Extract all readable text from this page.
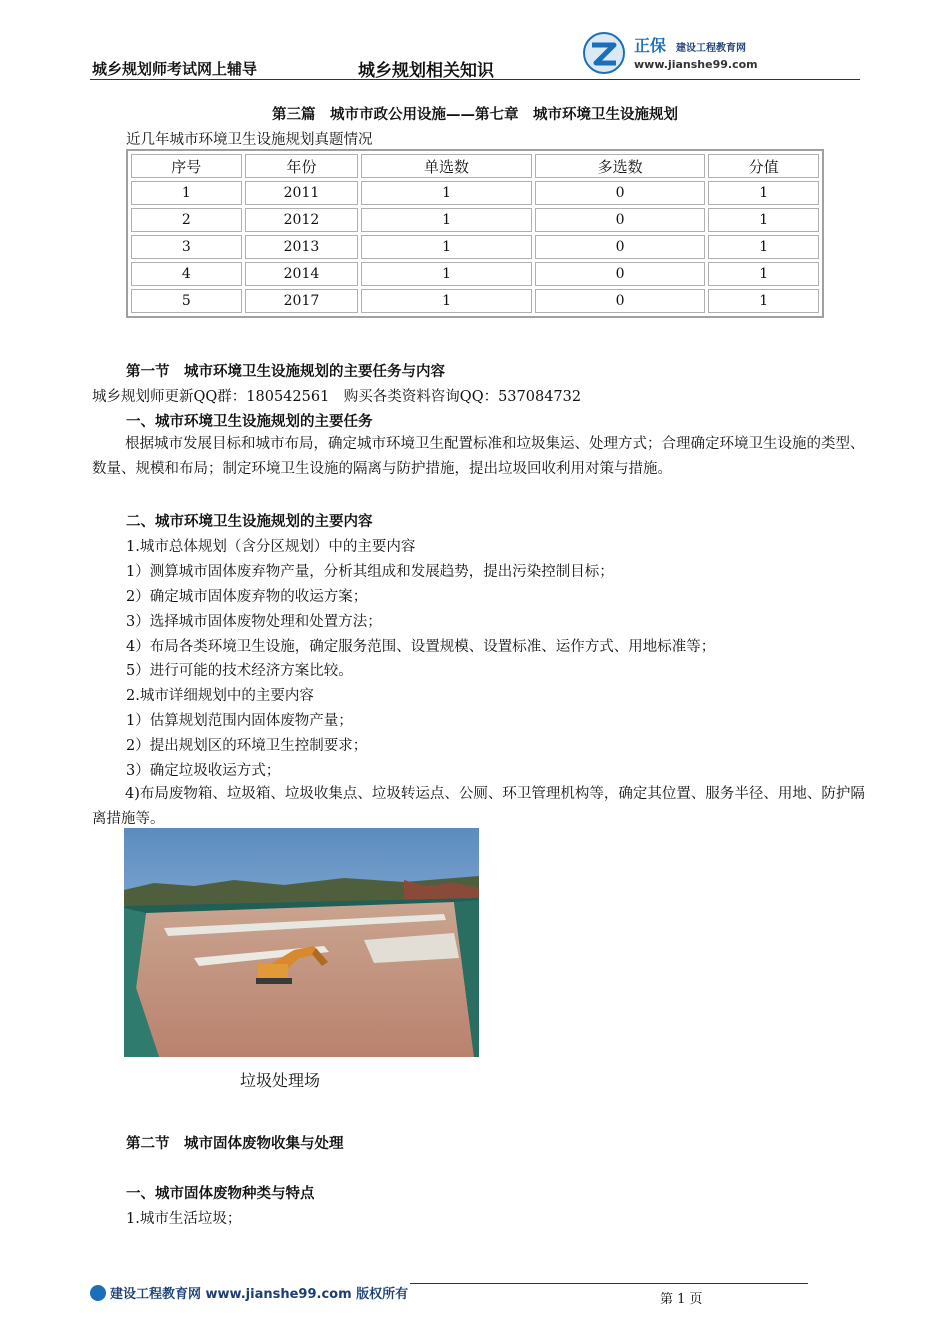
城乡规划师考试网上辅导	城乡规划相关知识
正保 建设工程教育网
www.jianshe99.com
第三篇　城市市政公用设施——第七章　城市环境卫生设施规划
近几年城市环境卫生设施规划真题情况
序号	年份	单选数	多选数	分值
1	2011	1	0	1
2	2012	1	0	1
3	2013	1	0	1
4	2014	1	0	1
5	2017	1	0	1
第一节　城市环境卫生设施规划的主要任务与内容
城乡规划师更新QQ群：180542561　购买各类资料咨询QQ：537084732
一、城市环境卫生设施规划的主要任务
根据城市发展目标和城市布局，确定城市环境卫生配置标准和垃圾集运、处理方式；合理确定环境卫生设施的类型、数量、规模和布局；制定环境卫生设施的隔离与防护措施，提出垃圾回收利用对策与措施。
二、城市环境卫生设施规划的主要内容
1.城市总体规划（含分区规划）中的主要内容
1）测算城市固体废弃物产量，分析其组成和发展趋势，提出污染控制目标；
2）确定城市固体废弃物的收运方案；
3）选择城市固体废物处理和处置方法；
4）布局各类环境卫生设施，确定服务范围、设置规模、设置标准、运作方式、用地标准等；
5）进行可能的技术经济方案比较。
2.城市详细规划中的主要内容
1）估算规划范围内固体废物产量；
2）提出规划区的环境卫生控制要求；
3）确定垃圾收运方式；
4)布局废物箱、垃圾箱、垃圾收集点、垃圾转运点、公厕、环卫管理机构等，确定其位置、服务半径、用地、防护隔离措施等。
垃圾处理场
第二节　城市固体废物收集与处理
一、城市固体废物种类与特点
1.城市生活垃圾；
建设工程教育网 www.jianshe99.com 版权所有	第 1 页
